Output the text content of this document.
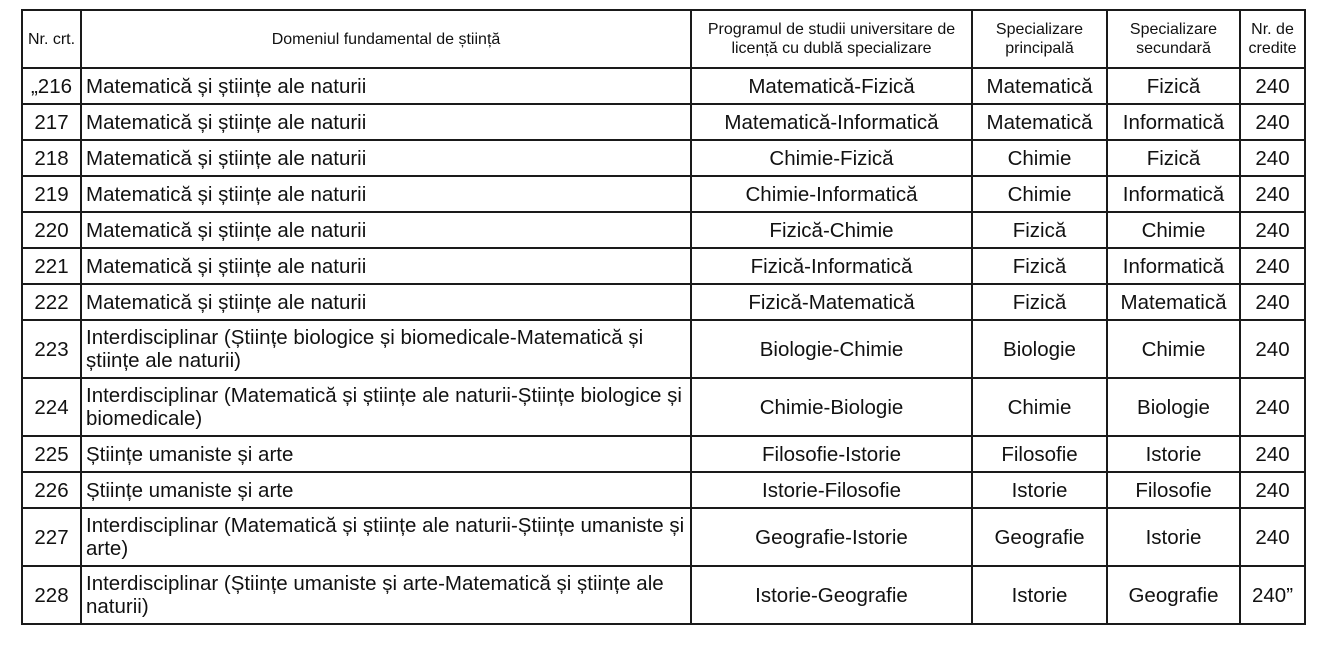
Nr. crt.	Domeniul fundamental de știință	Programul de studii universitare de licență cu dublă specializare	Specializare principală	Specializare secundară	Nr. de credite
„216	Matematică și științe ale naturii	Matematică-Fizică	Matematică	Fizică	240
217	Matematică și științe ale naturii	Matematică-Informatică	Matematică	Informatică	240
218	Matematică și științe ale naturii	Chimie-Fizică	Chimie	Fizică	240
219	Matematică și științe ale naturii	Chimie-Informatică	Chimie	Informatică	240
220	Matematică și științe ale naturii	Fizică-Chimie	Fizică	Chimie	240
221	Matematică și științe ale naturii	Fizică-Informatică	Fizică	Informatică	240
222	Matematică și științe ale naturii	Fizică-Matematică	Fizică	Matematică	240
223	Interdisciplinar (Științe biologice și biomedicale-Matematică și științe ale naturii)	Biologie-Chimie	Biologie	Chimie	240
224	Interdisciplinar (Matematică și științe ale naturii-Științe biologice și biomedicale)	Chimie-Biologie	Chimie	Biologie	240
225	Științe umaniste și arte	Filosofie-Istorie	Filosofie	Istorie	240
226	Științe umaniste și arte	Istorie-Filosofie	Istorie	Filosofie	240
227	Interdisciplinar (Matematică și științe ale naturii-Științe umaniste și arte)	Geografie-Istorie	Geografie	Istorie	240
228	Interdisciplinar (Științe umaniste și arte-Matematică și științe ale naturii)	Istorie-Geografie	Istorie	Geografie	240”
